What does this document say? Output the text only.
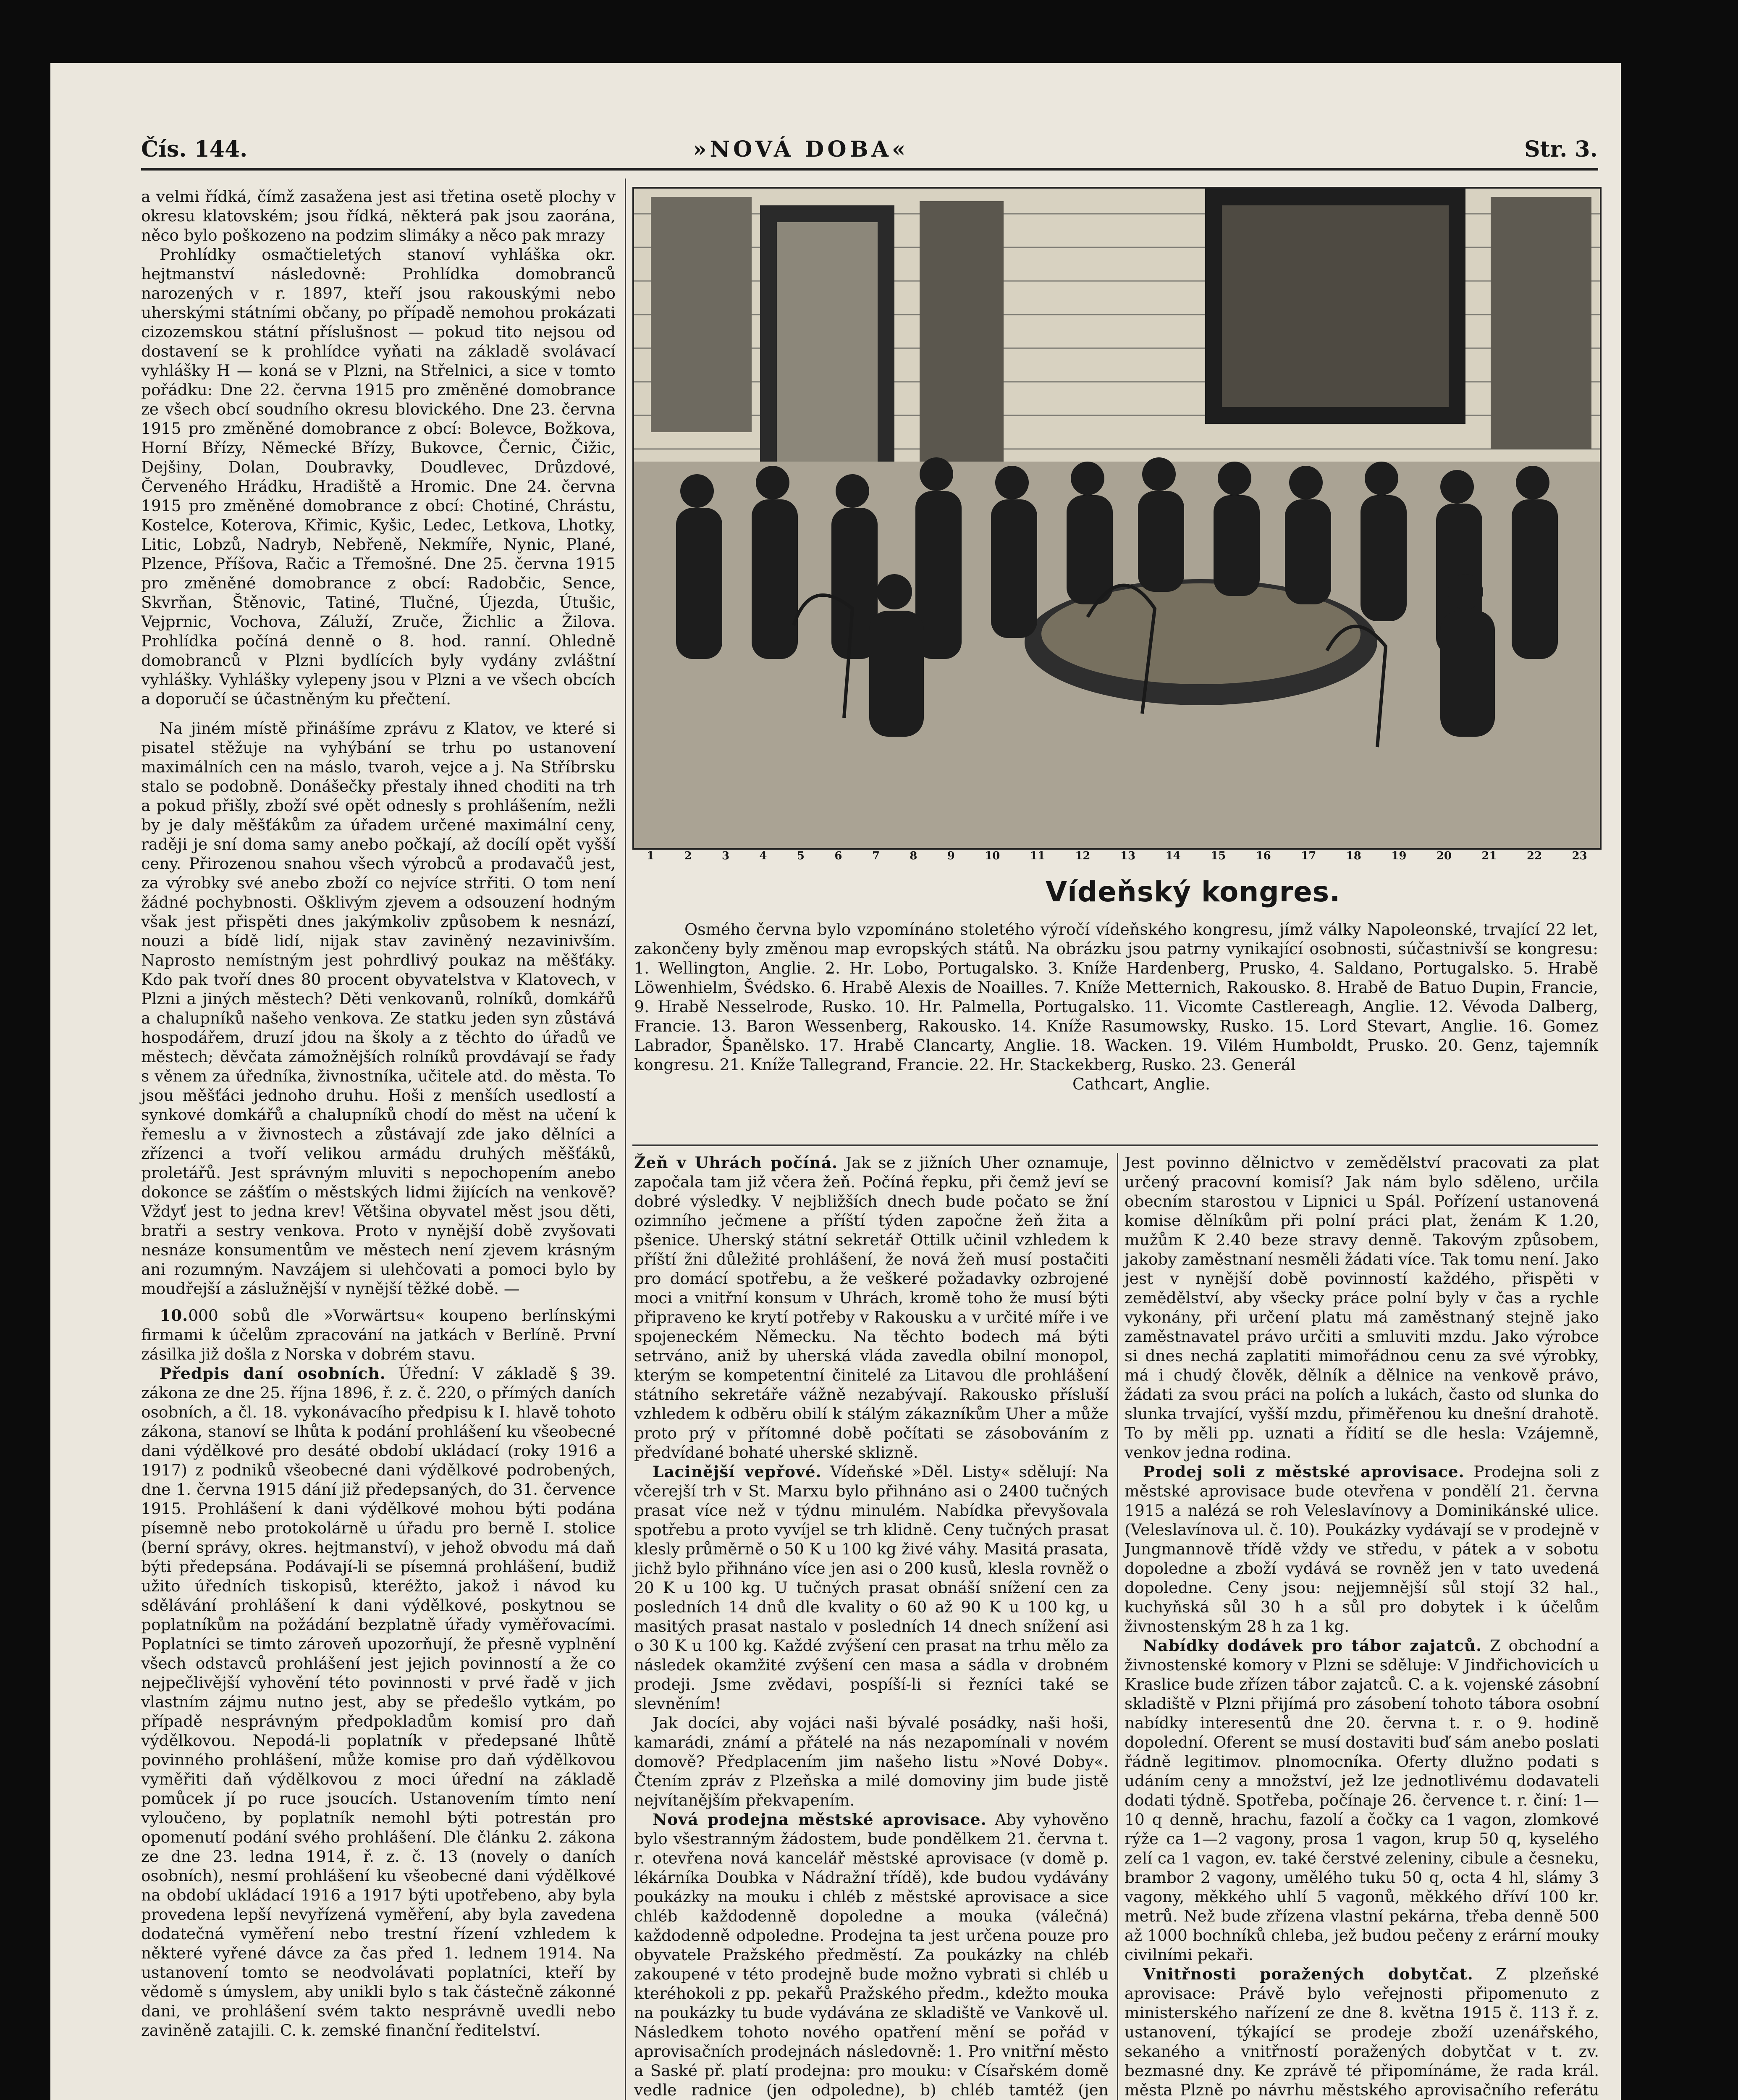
Čís. 144.	»NOVÁ DOBA«	Str. 3.

a velmi řídká, čímž zasažena jest asi třetina osetě plochy v okresu klatovském; jsou řídká, některá pak jsou zaorána, něco bylo poškozeno na podzim slimáky a něco pak mrazy

Prohlídky osmačtieletých stanoví vyhláška okr. hejtmanství následovně: Prohlídka domobranců narozených v r. 1897, kteří jsou rakouskými nebo uherskými státními občany, po případě nemohou prokázati cizozemskou státní příslušnost — pokud tito nejsou od dostavení se k prohlídce vyňati na základě svolávací vyhlášky H — koná se v Plzni, na Střelnici, a sice v tomto pořádku: Dne 22. června 1915 pro změněné domobrance ze všech obcí soudního okresu blovického. Dne 23. června 1915 pro změněné domobrance z obcí: Bolevce, Božkova, Horní Břízy, Německé Břízy, Bukovce, Černic, Čižic, Dejšiny, Dolan, Doubravky, Doudlevec, Drůzdové, Červeného Hrádku, Hradiště a Hromic. Dne 24. června 1915 pro změněné domobrance z obcí: Chotiné, Chrástu, Kostelce, Koterova, Křimic, Kyšic, Ledec, Letkova, Lhotky, Litic, Lobzů, Nadryb, Nebřeně, Nekmíře, Nynic, Plané, Plzence, Příšova, Račic a Třemošné. Dne 25. června 1915 pro změněné domobrance z obcí: Radobčic, Sence, Skvrňan, Štěnovic, Tatiné, Tlučné, Újezda, Útušic, Vejprnic, Vochova, Záluží, Zruče, Žichlic a Žilova. Prohlídka počíná denně o 8. hod. ranní. Ohledně domobranců v Plzni bydlících byly vydány zvláštní vyhlášky. Vyhlášky vylepeny jsou v Plzni a ve všech obcích a doporučí se účastněným ku přečtení.

Na jiném místě přinášíme zprávu z Klatov, ve které si pisatel stěžuje na vyhýbání se trhu po ustanovení maximálních cen na máslo, tvaroh, vejce a j. Na Stříbrsku stalo se podobně. Donášečky přestaly ihned choditi na trh a pokud přišly, zboží své opět odnesly s prohlášením, nežli by je daly měšťákům za úřadem určené maximální ceny, raději je sní doma samy anebo počkají, až docílí opět vyšší ceny. Přirozenou snahou všech výrobců a prodavačů jest, za výrobky své anebo zboží co nejvíce strřiti. O tom není žádné pochybnosti. Ošklivým zjevem a odsouzení hodným však jest přispěti dnes jakýmkoliv způsobem k nesnází, nouzi a bídě lidí, nijak stav zaviněný nezavinivším. Naprosto nemístným jest pohrdlivý poukaz na měšťáky. Kdo pak tvoří dnes 80 procent obyvatelstva v Klatovech, v Plzni a jiných městech? Děti venkovanů, rolníků, domkářů a chalupníků našeho venkova. Ze statku jeden syn zůstává hospodářem, druzí jdou na školy a z těchto do úřadů ve městech; děvčata zámožnějších rolníků provdávají se řady s věnem za úředníka, živnostníka, učitele atd. do města. To jsou měšťáci jednoho druhu. Hoši z menších usedlostí a synkové domkářů a chalupníků chodí do měst na učení k řemeslu a v živnostech a zůstávají zde jako dělníci a zřízenci a tvoří velikou armádu druhých měšťáků, proletářů. Jest správným mluviti s nepochopením anebo dokonce se zášťím o městských lidmi žijících na venkově? Vždyť jest to jedna krev! Většina obyvatel měst jsou děti, bratři a sestry venkova. Proto v nynější době zvyšovati nesnáze konsumentům ve městech není zjevem krásným ani rozumným. Navzájem si ulehčovati a pomoci bylo by moudřejší a záslužnější v nynější těžké době. —

10.000 sobů dle »Vorwärtsu« koupeno berlínskými firmami k účelům zpracování na jatkách v Berlíně. První zásilka již došla z Norska v dobrém stavu.

Předpis daní osobních. Úřední: V základě § 39. zákona ze dne 25. října 1896, ř. z. č. 220, o přímých daních osobních, a čl. 18. vykonávacího předpisu k I. hlavě tohoto zákona, stanoví se lhůta k podání prohlášení ku všeobecné dani výdělkové pro desáté období ukládací (roky 1916 a 1917) z podniků všeobecné dani výdělkové podrobených, dne 1. června 1915 dání již předepsaných, do 31. července 1915. Prohlášení k dani výdělkové mohou býti podána písemně nebo protokolárně u úřadu pro berně I. stolice (berní správy, okres. hejtmanství), v jehož obvodu má daň býti předepsána. Podávají-li se písemná prohlášení, budiž užito úředních tiskopisů, kteréžto, jakož i návod ku sdělávání prohlášení k dani výdělkové, poskytnou se poplatníkům na požádání bezplatně úřady vyměřovacími. Poplatníci se timto zároveň upozorňují, že přesně vyplnění všech odstavců prohlášení jest jejich povinností a že co nejpečlivější vyhovění této povinnosti v prvé řadě v jich vlastním zájmu nutno jest, aby se předešlo vytkám, po případě nesprávným předpokladům komisí pro daň výdělkovou. Nepodá-li poplatník v předepsané lhůtě povinného prohlášení, může komise pro daň výdělkovou vyměřiti daň výdělkovou z moci úřední na základě pomůcek jí po ruce jsoucích. Ustanovením tímto není vyloučeno, by poplatník nemohl býti potrestán pro opomenutí podání svého prohlášení. Dle článku 2. zákona ze dne 23. ledna 1914, ř. z. č. 13 (novely o daních osobních), nesmí prohlášení ku všeobecné dani výdělkové na období ukládací 1916 a 1917 býti upotřebeno, aby byla provedena lepší nevyřízená vyměření, aby byla zavedena dodatečná vyměření nebo trestní řízení vzhledem k některé vyřené dávce za čas před 1. lednem 1914. Na ustanovení tomto se neodvolávati poplatníci, kteří by vědomě s úmyslem, aby unikli bylo s tak částečně zákonné dani, ve prohlášení svém takto nesprávně uvedli nebo zaviněně zatajili. C. k. zemské finanční ředitelství.

1	2	3	4	5	6	7	8	9	10	11	12	13	14	15	16	17	18	19	20	21	22	23
Vídeňský kongres.

Osmého června bylo vzpomínáno stoletého výročí vídeňského kongresu, jímž války Napoleonské, trvající 22 let, zakončeny byly změnou map evropských států. Na obrázku jsou patrny vynikající osobnosti, súčastnivší se kongresu: 1. Wellington, Anglie. 2. Hr. Lobo, Portugalsko. 3. Kníže Hardenberg, Prusko, 4. Saldano, Portugalsko. 5. Hrabě Löwenhielm, Švédsko. 6. Hrabě Alexis de Noailles. 7. Kníže Metternich, Rakousko. 8. Hrabě de Batuo Dupin, Francie, 9. Hrabě Nesselrode, Rusko. 10. Hr. Palmella, Portugalsko. 11. Vicomte Castlereagh, Anglie. 12. Vévoda Dalberg, Francie. 13. Baron Wessenberg, Rakousko. 14. Kníže Rasumowsky, Rusko. 15. Lord Stevart, Anglie. 16. Gomez Labrador, Španělsko. 17. Hrabě Clancarty, Anglie. 18. Wacken. 19. Vilém Humboldt, Prusko. 20. Genz, tajemník kongresu. 21. Kníže Tallegrand, Francie. 22. Hr. Stackekberg, Rusko. 23. Generál

Cathcart, Anglie.

Žeň v Uhrách počíná. Jak se z jižních Uher oznamuje, započala tam již včera žeň. Počíná řepku, při čemž jeví se dobré výsledky. V nejbližších dnech bude počato se žní ozimního ječmene a příští týden započne žeň žita a pšenice. Uherský státní sekretář Ottilk učinil vzhledem k příští žni důležité prohlášení, že nová žeň musí postačiti pro domácí spotřebu, a že veškeré požadavky ozbrojené moci a vnitřní konsum v Uhrách, kromě toho že musí býti připraveno ke krytí potřeby v Rakousku a v určité míře i ve spojeneckém Německu. Na těchto bodech má býti setrváno, aniž by uherská vláda zavedla obilní monopol, kterým se kompetentní činitelé za Litavou dle prohlášení státního sekretáře vážně nezabývají. Rakousko přísluší vzhledem k odběru obilí k stálým zákazníkům Uher a může proto prý v přítomné době počítati se zásobováním z předvídané bohaté uherské sklizně.

Lacinější vepřové. Vídeňské »Děl. Listy« sdělují: Na včerejší trh v St. Marxu bylo přihnáno asi o 2400 tučných prasat více než v týdnu minulém. Nabídka převyšovala spotřebu a proto vyvíjel se trh klidně. Ceny tučných prasat klesly průměrně o 50 K u 100 kg živé váhy. Masitá prasata, jichž bylo přihnáno více jen asi o 200 kusů, klesla rovněž o 20 K u 100 kg. U tučných prasat obnáší snížení cen za posledních 14 dnů dle kvality o 60 až 90 K u 100 kg, u masitých prasat nastalo v posledních 14 dnech snížení asi o 30 K u 100 kg. Každé zvýšení cen prasat na trhu mělo za následek okamžité zvýšení cen masa a sádla v drobném prodeji. Jsme zvědavi, pospíší-li si řezníci také se slevněním!

Jak docíci, aby vojáci naši bývalé posádky, naši hoši, kamarádi, známí a přátelé na nás nezapomínali v novém domově? Předplacením jim našeho listu »Nové Doby«. Čtením zpráv z Plzeňska a milé domoviny jim bude jistě nejvítanějším překvapením.

Nová prodejna městské aprovisace. Aby vyhověno bylo všestranným žádostem, bude pondělkem 21. června t. r. otevřena nová kancelář městské aprovisace (v domě p. lékárníka Doubka v Nádražní třídě), kde budou vydávány poukázky na mouku i chléb z městské aprovisace a sice chléb každodenně dopoledne a mouka (válečná) každodenně odpoledne. Prodejna ta jest určena pouze pro obyvatele Pražského předměstí. Za poukázky na chléb zakoupené v této prodejně bude možno vybrati si chléb u kteréhokoli z pp. pekařů Pražského předm., kdežto mouka na poukázky tu bude vydávána ze skladiště ve Vankově ul. Následkem tohoto nového opatření mění se pořád v aprovisačních prodejnách následovně: 1. Pro vnitřní město a Saské př. platí prodejna: pro mouku: v Císařském domě vedle radnice (jen odpoledne), b) chléb tamtéž (jen

Jest povinno dělnictvo v zemědělství pracovati za plat určený pracovní komisí? Jak nám bylo sděleno, určila obecním starostou v Lipnici u Spál. Pořízení ustanovená komise dělníkům při polní práci plat, ženám K 1.20, mužům K 2.40 beze stravy denně. Takovým způsobem, jakoby zaměstnaní nesměli žádati více. Tak tomu není. Jako jest v nynější době povinností každého, přispěti v zemědělství, aby všecky práce polní byly v čas a rychle vykonány, při určení platu má zaměstnaný stejně jako zaměstnavatel právo určiti a smluviti mzdu. Jako výrobce si dnes nechá zaplatiti mimořádnou cenu za své výrobky, má i chudý člověk, dělník a dělnice na venkově právo, žádati za svou práci na polích a lukách, často od slunka do slunka trvající, vyšší mzdu, přiměřenou ku dnešní drahotě. To by měli pp. uznati a řídití se dle hesla: Vzájemně, venkov jedna rodina.

Prodej soli z městské aprovisace. Prodejna soli z městské aprovisace bude otevřena v pondělí 21. června 1915 a nalézá se roh Veleslavínovy a Dominikánské ulice. (Veleslavínova ul. č. 10). Poukázky vydávají se v prodejně v Jungmannově třídě vždy ve středu, v pátek a v sobotu dopoledne a zboží vydává se rovněž jen v tato uvedená dopoledne. Ceny jsou: nejjemnější sůl stojí 32 hal., kuchyňská sůl 30 h a sůl pro dobytek i k účelům živnostenským 28 h za 1 kg.

Nabídky dodávek pro tábor zajatců. Z obchodní a živnostenské komory v Plzni se sděluje: V Jindřichovicích u Kraslice bude zřízen tábor zajatců. C. a k. vojenské zásobní skladiště v Plzni přijímá pro zásobení tohoto tábora osobní nabídky interesentů dne 20. června t. r. o 9. hodině dopolední. Oferent se musí dostaviti buď sám anebo poslati řádně legitimov. plnomocníka. Oferty dlužno podati s udáním ceny a množství, jež lze jednotlivému dodavateli dodati týdně. Spotřeba, počínaje 26. července t. r. činí: 1—10 q denně, hrachu, fazolí a čočky ca 1 vagon, zlomkové rýže ca 1—2 vagony, prosa 1 vagon, krup 50 q, kyselého zelí ca 1 vagon, ev. také čerstvé zeleniny, cibule a česneku, brambor 2 vagony, umělého tuku 50 q, octa 4 hl, slámy 3 vagony, měkkého uhlí 5 vagonů, měkkého dříví 100 kr. metrů. Než bude zřízena vlastní pekárna, třeba denně 500 až 1000 bochníků chleba, jež budou pečeny z erární mouky civilními pekaři.

Vnitřnosti poražených dobytčat. Z plzeňské aprovisace: Právě bylo veřejnosti připomenuto z ministerského nařízení ze dne 8. května 1915 č. 113 ř. z. ustanovení, týkající se prodeje zboží uzenářského, sekaného a vnitřností poražených dobytčat v t. zv. bezmasné dny. Ke zprávě té připomínáme, že rada král. města Plzně po návrhu městského aprovisačního referátu
